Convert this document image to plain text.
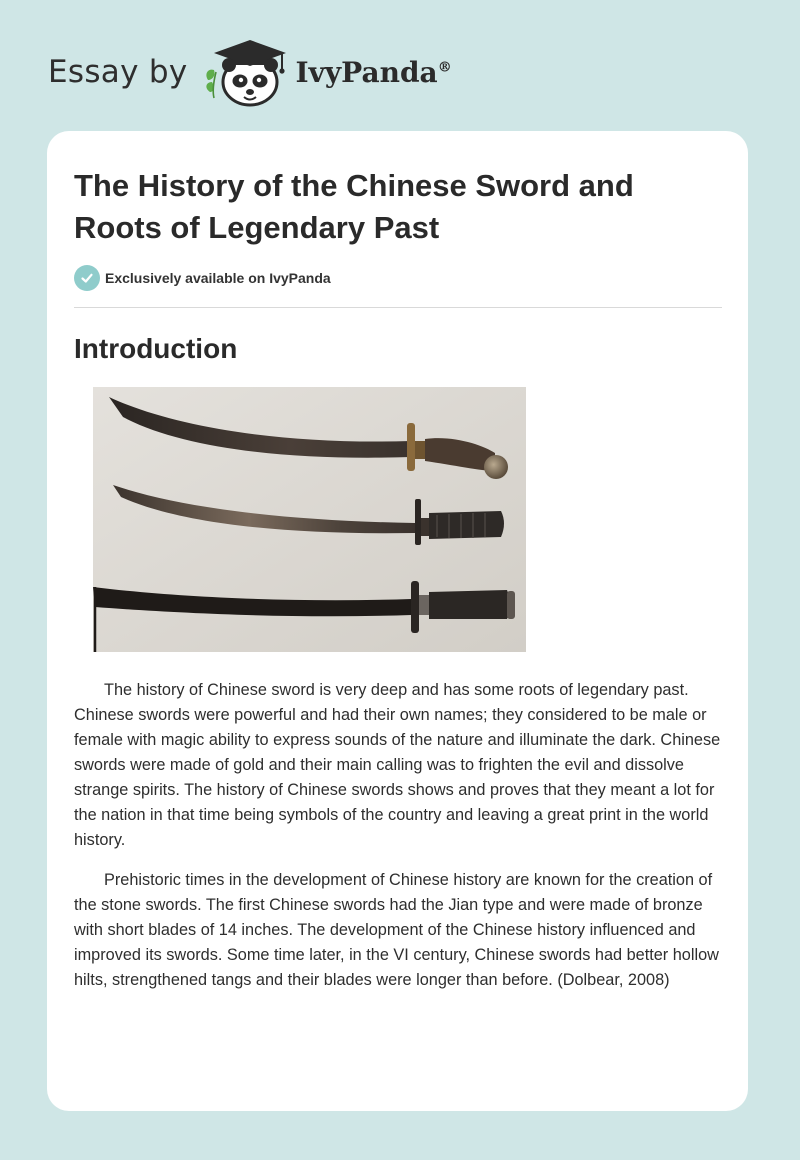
Essay by	IvyPanda®
The History of the Chinese Sword and Roots of Legendary Past
Exclusively available on IvyPanda
Introduction

The history of Chinese sword is very deep and has some roots of legendary past. Chinese swords were powerful and had their own names; they considered to be male or female with magic ability to express sounds of the nature and illuminate the dark. Chinese swords were made of gold and their main calling was to frighten the evil and dissolve strange spirits. The history of Chinese swords shows and proves that they meant a lot for the nation in that time being symbols of the country and leaving a great print in the world history.

Prehistoric times in the development of Chinese history are known for the creation of the stone swords. The first Chinese swords had the Jian type and were made of bronze with short blades of 14 inches. The development of the Chinese history influenced and improved its swords. Some time later, in the VI century, Chinese swords had better hollow hilts, strengthened tangs and their blades were longer than before. (Dolbear, 2008)
